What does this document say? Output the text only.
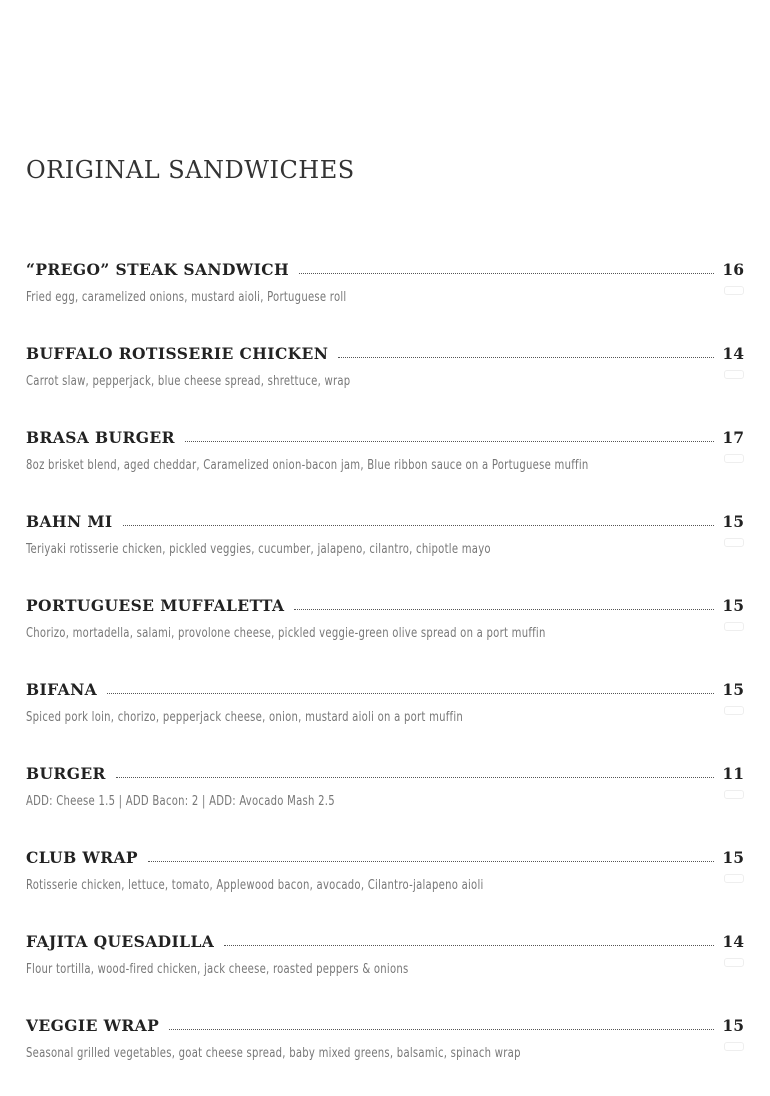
ORIGINAL SANDWICHES
“PREGO” STEAK SANDWICH	16
Fried egg, caramelized onions, mustard aioli, Portuguese roll
BUFFALO ROTISSERIE CHICKEN	14
Carrot slaw, pepperjack, blue cheese spread, shrettuce, wrap
BRASA BURGER	17
8oz brisket blend, aged cheddar, Caramelized onion-bacon jam, Blue ribbon sauce on a Portuguese muffin
BAHN MI	15
Teriyaki rotisserie chicken, pickled veggies, cucumber, jalapeno, cilantro, chipotle mayo
PORTUGUESE MUFFALETTA	15
Chorizo, mortadella, salami, provolone cheese, pickled veggie-green olive spread on a port muffin
BIFANA	15
Spiced pork loin, chorizo, pepperjack cheese, onion, mustard aioli on a port muffin
BURGER	11
ADD: Cheese 1.5 | ADD Bacon: 2 | ADD: Avocado Mash 2.5
CLUB WRAP	15
Rotisserie chicken, lettuce, tomato, Applewood bacon, avocado, Cilantro-jalapeno aioli
FAJITA QUESADILLA	14
Flour tortilla, wood-fired chicken, jack cheese, roasted peppers & onions
VEGGIE WRAP	15
Seasonal grilled vegetables, goat cheese spread, baby mixed greens, balsamic, spinach wrap
